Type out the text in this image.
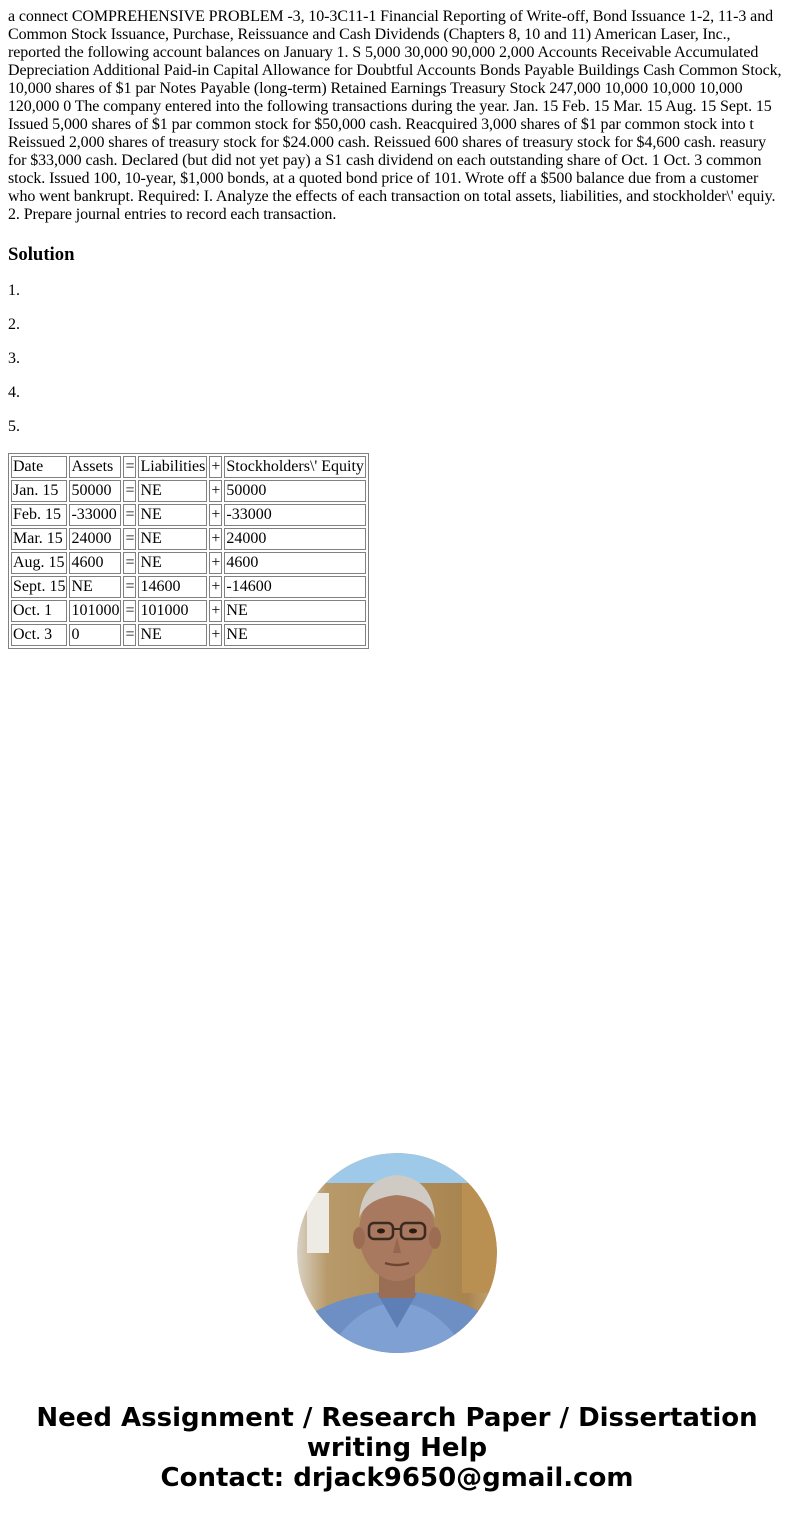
a connect COMPREHENSIVE PROBLEM -3, 10-3C11-1 Financial Reporting of Write-off, Bond Issuance 1-2, 11-3 and Common Stock Issuance, Purchase, Reissuance and Cash Dividends (Chapters 8, 10 and 11) American Laser, Inc., reported the following account balances on January 1. S 5,000 30,000 90,000 2,000 Accounts Receivable Accumulated Depreciation Additional Paid-in Capital Allowance for Doubtful Accounts Bonds Payable Buildings Cash Common Stock, 10,000 shares of $1 par Notes Payable (long-term) Retained Earnings Treasury Stock 247,000 10,000 10,000 10,000 120,000 0 The company entered into the following transactions during the year. Jan. 15 Feb. 15 Mar. 15 Aug. 15 Sept. 15 Issued 5,000 shares of $1 par common stock for $50,000 cash. Reacquired 3,000 shares of $1 par common stock into t Reissued 2,000 shares of treasury stock for $24.000 cash. Reissued 600 shares of treasury stock for $4,600 cash. reasury for $33,000 cash. Declared (but did not yet pay) a S1 cash dividend on each outstanding share of Oct. 1 Oct. 3 common stock. Issued 100, 10-year, $1,000 bonds, at a quoted bond price of 101. Wrote off a $500 balance due from a customer who went bankrupt. Required: I. Analyze the effects of each transaction on total assets, liabilities, and stockholder\' equiy. 2. Prepare journal entries to record each transaction.

Solution

1.

2.

3.

4.

5.

Date	Assets	=	Liabilities	+	Stockholders\' Equity
Jan. 15	50000	=	NE	+	50000
Feb. 15	-33000	=	NE	+	-33000
Mar. 15	24000	=	NE	+	24000
Aug. 15	4600	=	NE	+	4600
Sept. 15	NE	=	14600	+	-14600
Oct. 1	101000	=	101000	+	NE
Oct. 3	0	=	NE	+	NE
Need Assignment / Research Paper / Dissertation
writing Help
Contact: drjack9650@gmail.com
